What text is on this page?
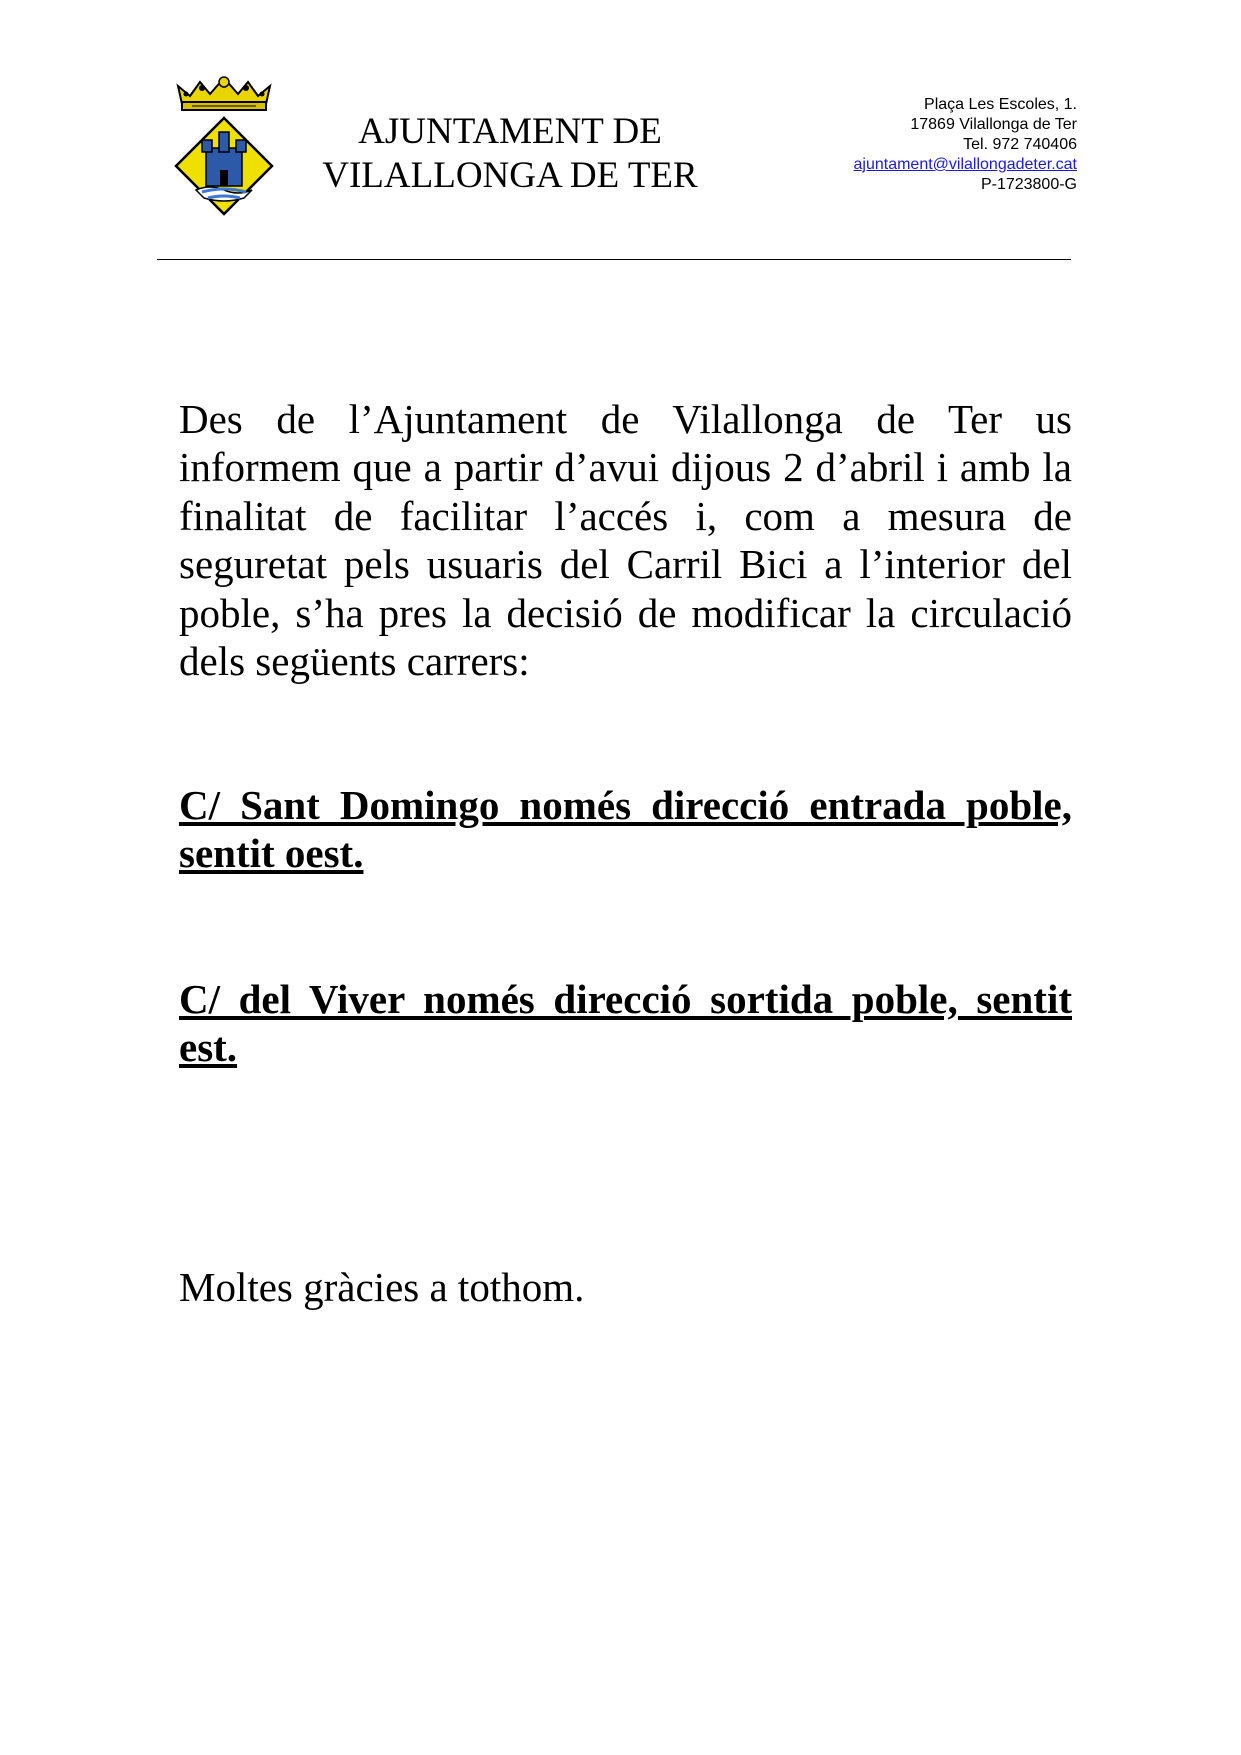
AJUNTAMENT DE
VILALLONGA DE TER
Plaça Les Escoles, 1.
17869 Vilallonga de Ter
Tel. 972 740406
ajuntament@vilallongadeter.cat
P-1723800-G
Des de l’Ajuntament de Vilallonga de Ter us informem que a partir d’avui dijous 2 d’abril i amb la finalitat de facilitar l’accés i, com a mesura de seguretat pels usuaris del Carril Bici a l’interior del poble, s’ha pres la decisió de modificar la circulació dels següents carrers:
C/ Sant Domingo només direcció entrada poble, sentit oest.
C/ del Viver només direcció sortida poble, sentit est.
Moltes gràcies a tothom.
